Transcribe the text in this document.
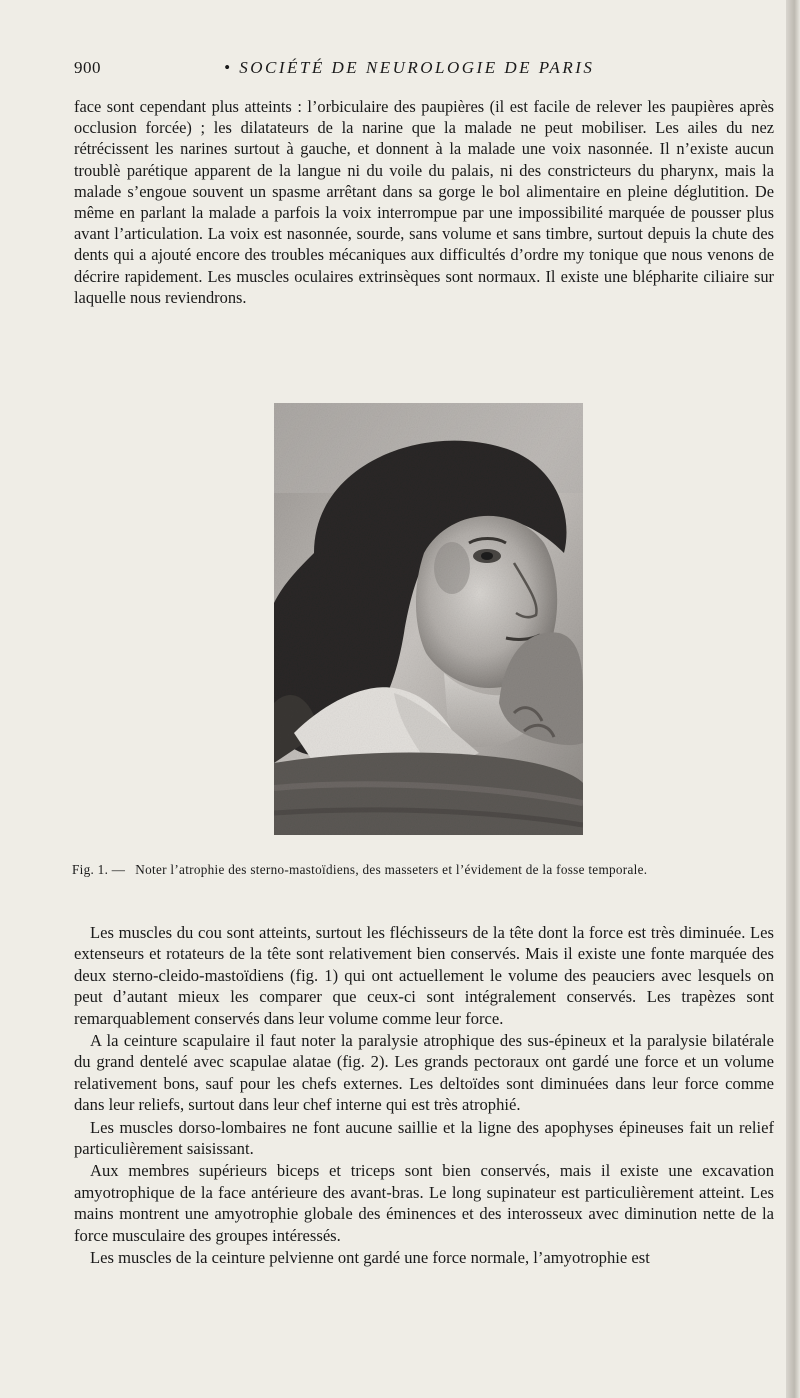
900	• SOCIÉTÉ DE NEUROLOGIE DE PARIS

face sont cependant plus atteints : l’orbiculaire des paupières (il est facile de relever les paupières après occlusion forcée) ; les dilatateurs de la narine que la malade ne peut mobiliser. Les ailes du nez rétrécissent les narines surtout à gauche, et donnent à la malade une voix nasonnée. Il n’existe aucun troublè parétique apparent de la langue ni du voile du palais, ni des constricteurs du pharynx, mais la malade s’engoue souvent un spasme arrêtant dans sa gorge le bol alimentaire en pleine déglutition. De même en parlant la malade a parfois la voix interrompue par une impossibilité marquée de pousser plus avant l’articulation. La voix est nasonnée, sourde, sans volume et sans timbre, surtout depuis la chute des dents qui a ajouté encore des troubles mécaniques aux difficultés d’ordre my tonique que nous venons de décrire rapidement. Les muscles oculaires extrinsèques sont normaux. Il existe une blépharite ciliaire sur laquelle nous reviendrons.

Fig. 1. — Noter l’atrophie des sterno-mastoïdiens, des masseters et l’évidement de la fosse temporale.

Les muscles du cou sont atteints, surtout les fléchisseurs de la tête dont la force est très diminuée. Les extenseurs et rotateurs de la tête sont relativement bien conservés. Mais il existe une fonte marquée des deux sterno-cleido-mastoïdiens (fig. 1) qui ont actuellement le volume des peauciers avec lesquels on peut d’autant mieux les comparer que ceux-ci sont intégralement conservés. Les trapèzes sont remarquablement conservés dans leur volume comme leur force.

A la ceinture scapulaire il faut noter la paralysie atrophique des sus-épineux et la paralysie bilatérale du grand dentelé avec scapulae alatae (fig. 2). Les grands pectoraux ont gardé une force et un volume relativement bons, sauf pour les chefs externes. Les deltoïdes sont diminuées dans leur force comme dans leur reliefs, surtout dans leur chef interne qui est très atrophié.

Les muscles dorso-lombaires ne font aucune saillie et la ligne des apophyses épineuses fait un relief particulièrement saisissant.

Aux membres supérieurs biceps et triceps sont bien conservés, mais il existe une excavation amyotrophique de la face antérieure des avant-bras. Le long supinateur est particulièrement atteint. Les mains montrent une amyotrophie globale des éminences et des interosseux avec diminution nette de la force musculaire des groupes intéressés.

Les muscles de la ceinture pelvienne ont gardé une force normale, l’amyotrophie est
